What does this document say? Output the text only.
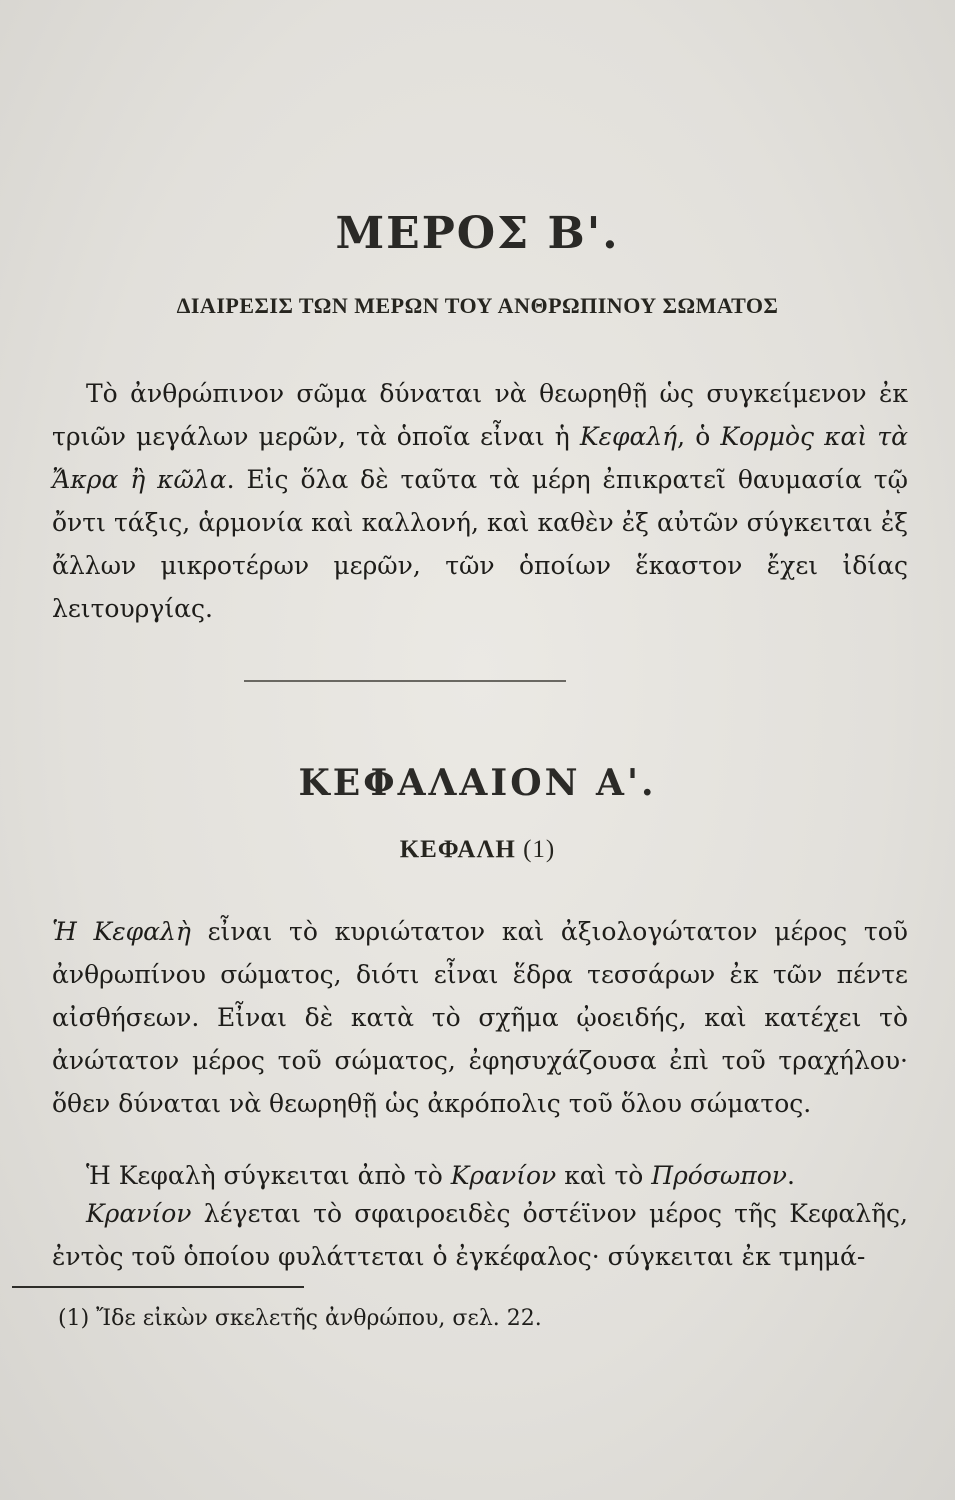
ΜΕΡΟΣ Β'.
ΔΙΑΙΡΕΣΙΣ ΤΩΝ ΜΕΡΩΝ ΤΟΥ ΑΝΘΡΩΠΙΝΟΥ ΣΩΜΑΤΟΣ

Τὸ ἀνθρώπινον σῶμα δύναται νὰ θεωρηθῇ ὡς συγκείμενον ἐκ τριῶν μεγάλων μερῶν, τὰ ὁποῖα εἶναι ἡ Κεφαλή, ὁ Κορμὸς καὶ τὰ Ἄκρα ἢ κῶλα. Εἰς ὅλα δὲ ταῦτα τὰ μέρη ἐπικρατεῖ θαυμασία τῷ ὄντι τάξις, ἁρμονία καὶ καλλονή, καὶ καθὲν ἐξ αὐτῶν σύγκειται ἐξ ἄλλων μικροτέρων μερῶν, τῶν ὁποίων ἕκαστον ἔχει ἰδίας λειτουργίας.

ΚΕΦΑΛΑΙΟΝ Α'.
ΚΕΦΑΛΗ (1)

Ἡ Κεφαλὴ εἶναι τὸ κυριώτατον καὶ ἀξιολογώτατον μέρος τοῦ ἀνθρωπίνου σώματος, διότι εἶναι ἕδρα τεσσάρων ἐκ τῶν πέντε αἰσθήσεων. Εἶναι δὲ κατὰ τὸ σχῆμα ᾠοειδής, καὶ κατέχει τὸ ἀνώτατον μέρος τοῦ σώματος, ἐφησυχάζουσα ἐπὶ τοῦ τραχήλου· ὅθεν δύναται νὰ θεωρηθῇ ὡς ἀκρόπολις τοῦ ὅλου σώματος.

Ἡ Κεφαλὴ σύγκειται ἀπὸ τὸ Κρανίον καὶ τὸ Πρόσωπον.

Κρανίον λέγεται τὸ σφαιροειδὲς ὀστέϊνον μέρος τῆς Κεφαλῆς, ἐντὸς τοῦ ὁποίου φυλάττεται ὁ ἐγκέφαλος· σύγκειται ἐκ τμημά-

(1) Ἴδε εἰκὼν σκελετῆς ἀνθρώπου, σελ. 22.
